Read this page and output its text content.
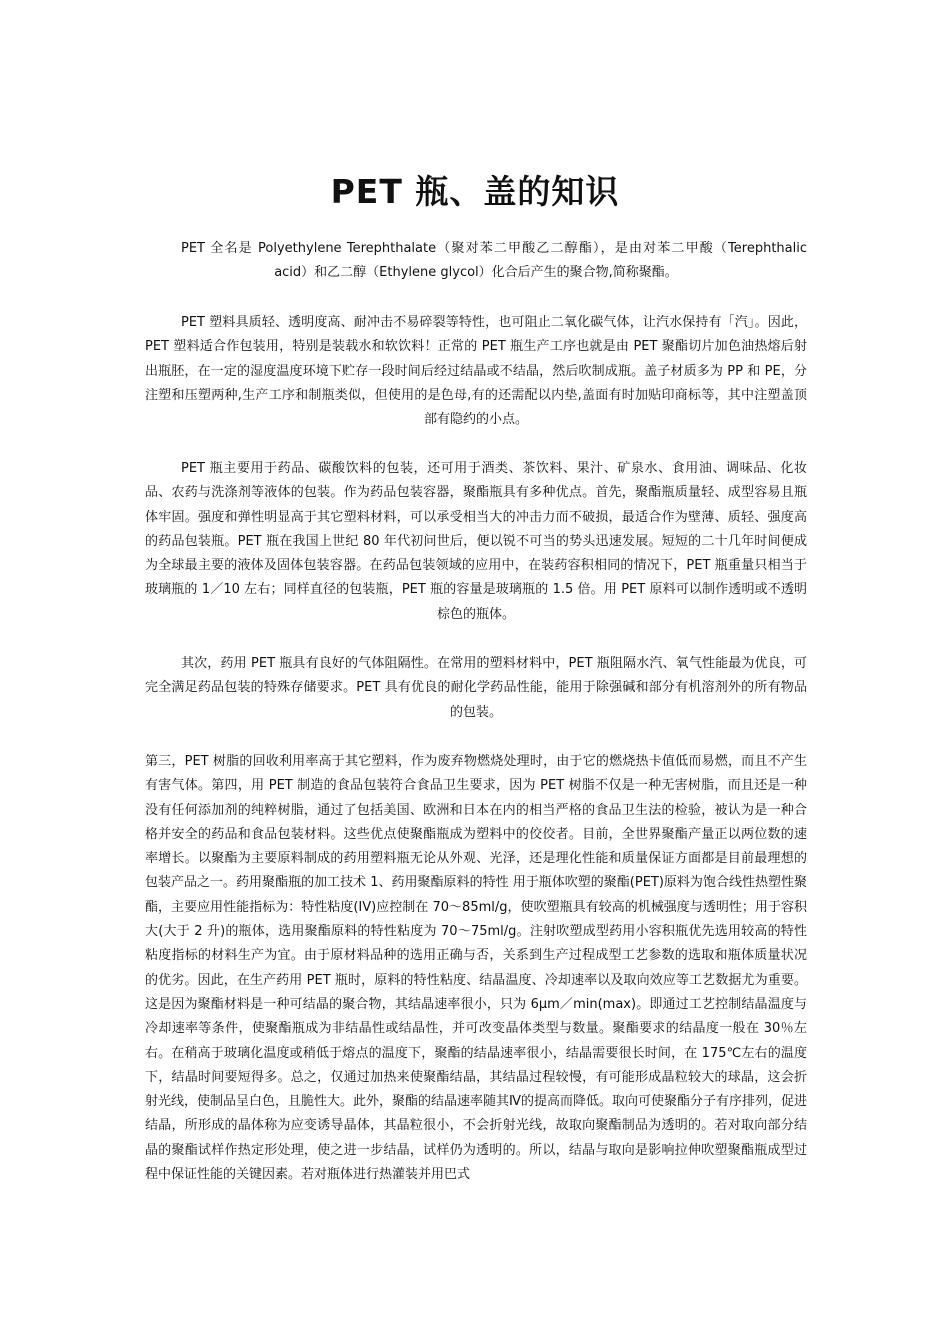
PET 瓶、盖的知识

PET 全名是 Polyethylene Terephthalate（聚对苯二甲酸乙二醇酯），是由对苯二甲酸（Terephthalic acid）和乙二醇（Ethylene glycol）化合后产生的聚合物,简称聚酯。

PET 塑料具质轻、透明度高、耐冲击不易碎裂等特性，也可阻止二氧化碳气体，让汽水保持有「汽」。因此，PET 塑料适合作包装用，特别是装载水和软饮料！正常的 PET 瓶生产工序也就是由 PET 聚酯切片加色油热熔后射出瓶胚，在一定的湿度温度环境下贮存一段时间后经过结晶或不结晶，然后吹制成瓶。盖子材质多为 PP 和 PE，分注塑和压塑两种,生产工序和制瓶类似，但使用的是色母,有的还需配以内垫,盖面有时加贴印商标等，其中注塑盖顶部有隐约的小点。

PET 瓶主要用于药品、碳酸饮料的包装，还可用于酒类、茶饮料、果汁、矿泉水、食用油、调味品、化妆品、农药与洗涤剂等液体的包装。作为药品包装容器，聚酯瓶具有多种优点。首先，聚酯瓶质量轻、成型容易且瓶体牢固。强度和弹性明显高于其它塑料材料，可以承受相当大的冲击力而不破损，最适合作为壁薄、质轻、强度高的药品包装瓶。PET 瓶在我国上世纪 80 年代初问世后，便以锐不可当的势头迅速发展。短短的二十几年时间便成为全球最主要的液体及固体包装容器。在药品包装领域的应用中，在装药容积相同的情况下，PET 瓶重量只相当于玻璃瓶的 1／10 左右；同样直径的包装瓶，PET 瓶的容量是玻璃瓶的 1.5 倍。用 PET 原料可以制作透明或不透明棕色的瓶体。

其次，药用 PET 瓶具有良好的气体阻隔性。在常用的塑料材料中，PET 瓶阻隔水汽、氧气性能最为优良，可完全满足药品包装的特殊存储要求。PET 具有优良的耐化学药品性能，能用于除强碱和部分有机溶剂外的所有物品的包装。

第三，PET 树脂的回收利用率高于其它塑料，作为废弃物燃烧处理时，由于它的燃烧热卡值低而易燃，而且不产生有害气体。第四，用 PET 制造的食品包装符合食品卫生要求，因为 PET 树脂不仅是一种无害树脂，而且还是一种没有任何添加剂的纯粹树脂，通过了包括美国、欧洲和日本在内的相当严格的食品卫生法的检验，被认为是一种合格并安全的药品和食品包装材料。这些优点使聚酯瓶成为塑料中的佼佼者。目前，全世界聚酯产量正以两位数的速率增长。以聚酯为主要原料制成的药用塑料瓶无论从外观、光泽，还是理化性能和质量保证方面都是目前最理想的包装产品之一。药用聚酯瓶的加工技术 1、药用聚酯原料的特性 用于瓶体吹塑的聚酯(PET)原料为饱合线性热塑性聚酯，主要应用性能指标为：特性粘度(IV)应控制在 70～85ml/g，使吹塑瓶具有较高的机械强度与透明性；用于容积大(大于 2 升)的瓶体，选用聚酯原料的特性粘度为 70～75ml/g。注射吹塑成型药用小容积瓶优先选用较高的特性粘度指标的材料生产为宜。由于原材料品种的选用正确与否，关系到生产过程成型工艺参数的选取和瓶体质量状况的优劣。因此，在生产药用 PET 瓶时，原料的特性粘度、结晶温度、冷却速率以及取向效应等工艺数据尤为重要。这是因为聚酯材料是一种可结晶的聚合物，其结晶速率很小，只为 6μm／min(max)。即通过工艺控制结晶温度与冷却速率等条件，使聚酯瓶成为非结晶性或结晶性，并可改变晶体类型与数量。聚酯要求的结晶度一般在 30％左右。在稍高于玻璃化温度或稍低于熔点的温度下，聚酯的结晶速率很小，结晶需要很长时间，在 175℃左右的温度下，结晶时间要短得多。总之，仅通过加热来使聚酯结晶，其结晶过程较慢，有可能形成晶粒较大的球晶，这会折射光线，使制品呈白色，且脆性大。此外，聚酯的结晶速率随其Ⅳ的提高而降低。取向可使聚酯分子有序排列，促进结晶，所形成的晶体称为应变诱导晶体，其晶粒很小，不会折射光线，故取向聚酯制品为透明的。若对取向部分结晶的聚酯试样作热定形处理，使之进一步结晶，试样仍为透明的。所以，结晶与取向是影响拉伸吹塑聚酯瓶成型过程中保证性能的关键因素。若对瓶体进行热灌装并用巴式
